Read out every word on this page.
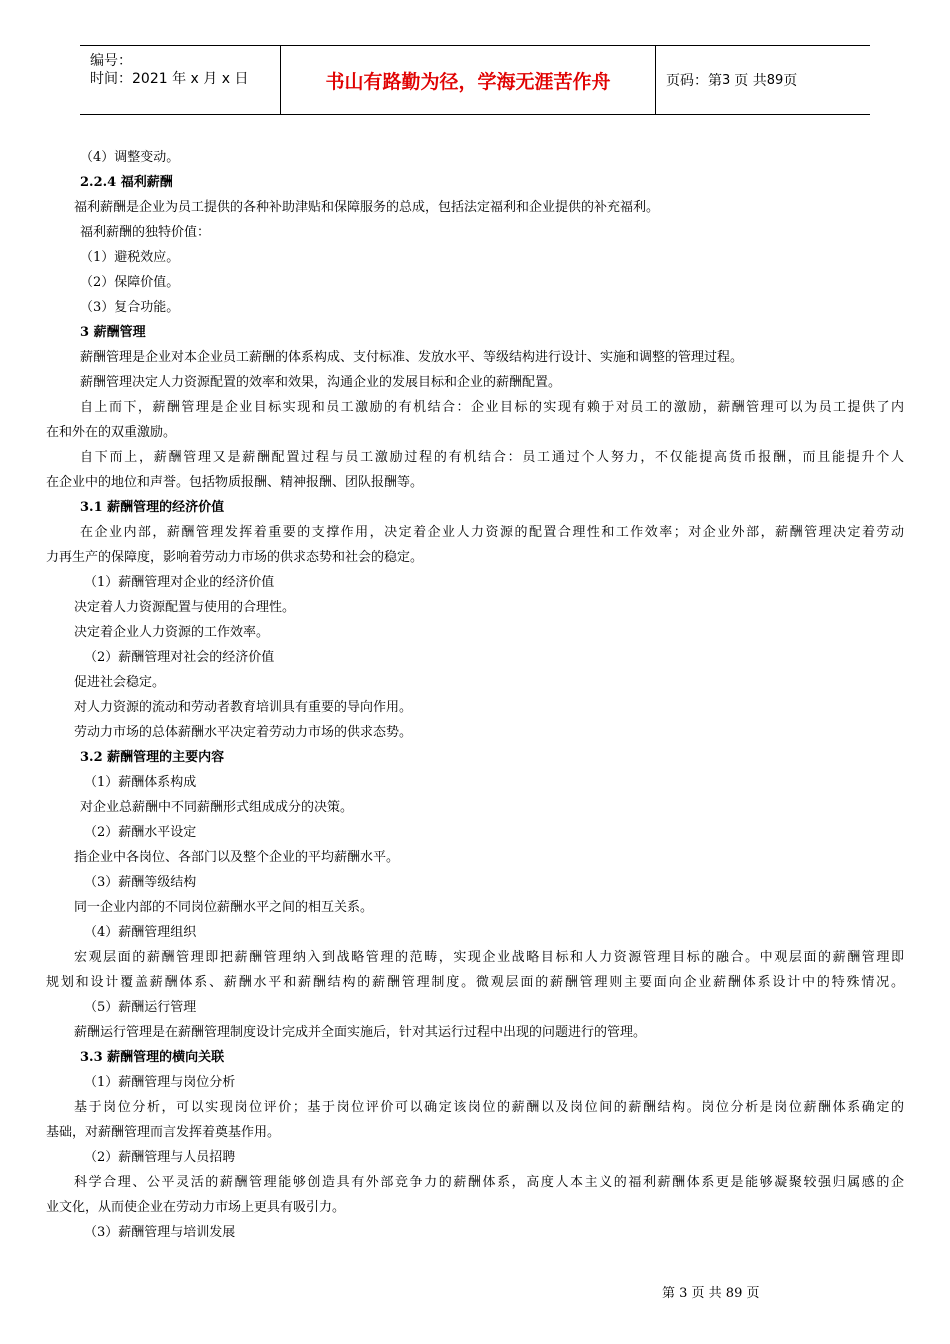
编号：
时间：2021 年 x 月 x 日	书山有路勤为径，学海无涯苦作舟	页码：第 3 页 共 89 页
（4）调整变动。
2.2.4 福利薪酬
福利薪酬是企业为员工提供的各种补助津贴和保障服务的总成，包括法定福利和企业提供的补充福利。
福利薪酬的独特价值：
（1）避税效应。
（2）保障价值。
（3）复合功能。
3 薪酬管理
薪酬管理是企业对本企业员工薪酬的体系构成、支付标准、发放水平、等级结构进行设计、实施和调整的管理过程。
薪酬管理决定人力资源配置的效率和效果，沟通企业的发展目标和企业的薪酬配置。
自上而下，薪酬管理是企业目标实现和员工激励的有机结合：企业目标的实现有赖于对员工的激励，薪酬管理可以为员工提供了内
在和外在的双重激励。
自下而上，薪酬管理又是薪酬配置过程与员工激励过程的有机结合：员工通过个人努力，不仅能提高货币报酬，而且能提升个人
在企业中的地位和声誉。包括物质报酬、精神报酬、团队报酬等。
3.1 薪酬管理的经济价值
在企业内部，薪酬管理发挥着重要的支撑作用，决定着企业人力资源的配置合理性和工作效率；对企业外部，薪酬管理决定着劳动
力再生产的保障度，影响着劳动力市场的供求态势和社会的稳定。
（1）薪酬管理对企业的经济价值
决定着人力资源配置与使用的合理性。
决定着企业人力资源的工作效率。
（2）薪酬管理对社会的经济价值
促进社会稳定。
对人力资源的流动和劳动者教育培训具有重要的导向作用。
劳动力市场的总体薪酬水平决定着劳动力市场的供求态势。
3.2 薪酬管理的主要内容
（1）薪酬体系构成
对企业总薪酬中不同薪酬形式组成成分的决策。
（2）薪酬水平设定
指企业中各岗位、各部门以及整个企业的平均薪酬水平。
（3）薪酬等级结构
同一企业内部的不同岗位薪酬水平之间的相互关系。
（4）薪酬管理组织
宏观层面的薪酬管理即把薪酬管理纳入到战略管理的范畴，实现企业战略目标和人力资源管理目标的融合。中观层面的薪酬管理即
规划和设计覆盖薪酬体系、薪酬水平和薪酬结构的薪酬管理制度。微观层面的薪酬管理则主要面向企业薪酬体系设计中的特殊情况。
（5）薪酬运行管理
薪酬运行管理是在薪酬管理制度设计完成并全面实施后，针对其运行过程中出现的问题进行的管理。
3.3 薪酬管理的横向关联
（1）薪酬管理与岗位分析
基于岗位分析，可以实现岗位评价；基于岗位评价可以确定该岗位的薪酬以及岗位间的薪酬结构。岗位分析是岗位薪酬体系确定的
基础，对薪酬管理而言发挥着奠基作用。
（2）薪酬管理与人员招聘
科学合理、公平灵活的薪酬管理能够创造具有外部竞争力的薪酬体系，高度人本主义的福利薪酬体系更是能够凝聚较强归属感的企
业文化，从而使企业在劳动力市场上更具有吸引力。
（3）薪酬管理与培训发展
第 3 页 共 89 页
